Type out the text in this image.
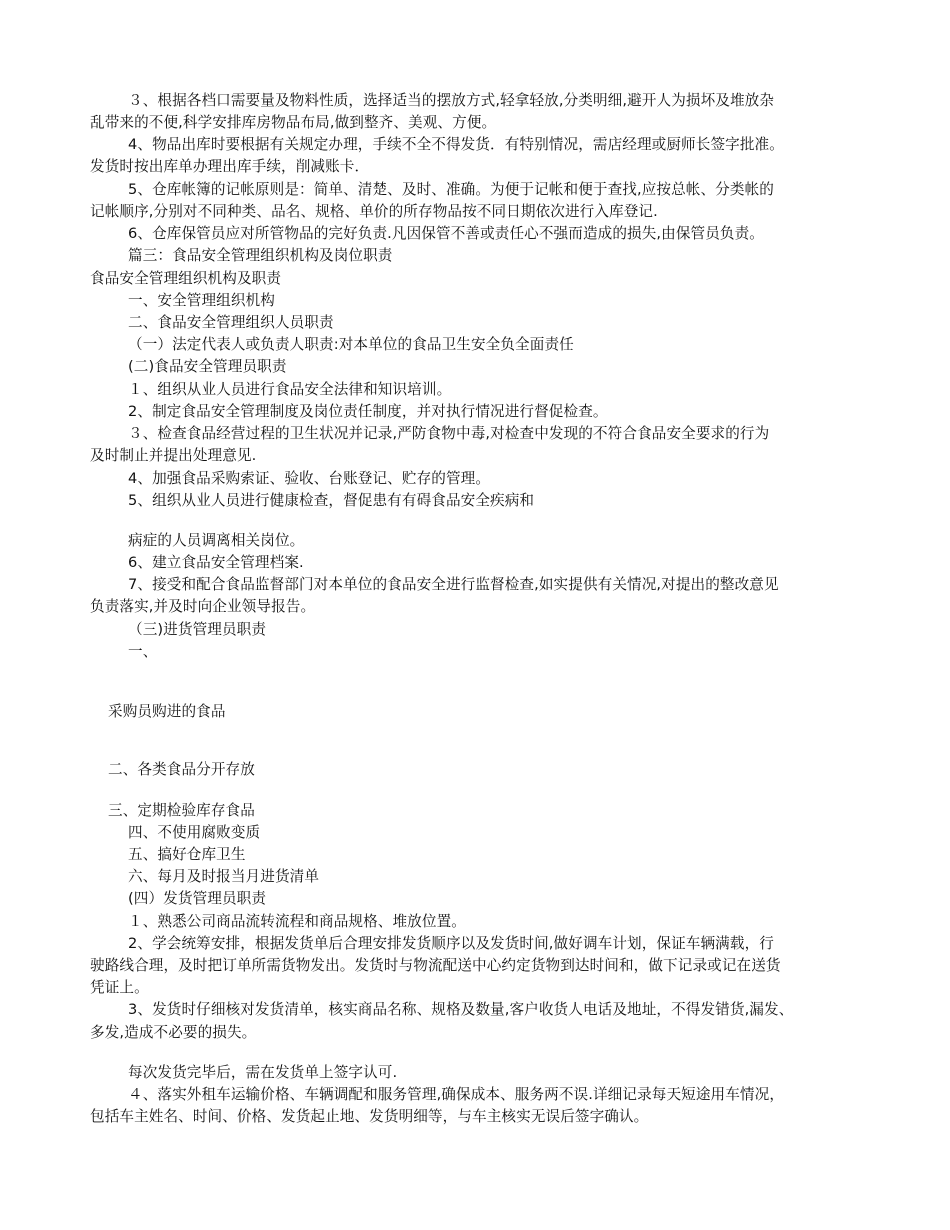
３、根据各档口需要量及物料性质，选择适当的摆放方式,轻拿轻放,分类明细,避开人为损坏及堆放杂
乱带来的不便,科学安排库房物品布局,做到整齐、美观、方便。
4、物品出库时要根据有关规定办理，手续不全不得发货．有特别情况，需店经理或厨师长签字批准。
发货时按出库单办理出库手续，削减账卡．
5、仓库帐簿的记帐原则是：简单、清楚、及时、准确。为便于记帐和便于查找,应按总帐、分类帐的
记帐顺序,分别对不同种类、品名、规格、单价的所存物品按不同日期依次进行入库登记.
6、仓库保管员应对所管物品的完好负责.凡因保管不善或责任心不强而造成的损失,由保管员负责。
篇三：食品安全管理组织机构及岗位职责
食品安全管理组织机构及职责
一、安全管理组织机构
二、食品安全管理组织人员职责
（一）法定代表人或负责人职责:对本单位的食品卫生安全负全面责任
(二)食品安全管理员职责
１、组织从业人员进行食品安全法律和知识培训。
2、制定食品安全管理制度及岗位责任制度，并对执行情况进行督促检查。
３、检查食品经营过程的卫生状况并记录,严防食物中毒,对检查中发现的不符合食品安全要求的行为
及时制止并提出处理意见.
4、加强食品采购索证、验收、台账登记、贮存的管理。
5、组织从业人员进行健康检查，督促患有有碍食品安全疾病和
病症的人员调离相关岗位。
6、建立食品安全管理档案.
7、接受和配合食品监督部门对本单位的食品安全进行监督检查,如实提供有关情况,对提出的整改意见
负责落实,并及时向企业领导报告。
（三)进货管理员职责
一、
采购员购进的食品
二、各类食品分开存放
三、定期检验库存食品
四、不使用腐败变质
五、搞好仓库卫生
六、每月及时报当月进货清单
(四）发货管理员职责
１、熟悉公司商品流转流程和商品规格、堆放位置。
2、学会统筹安排，根据发货单后合理安排发货顺序以及发货时间,做好调车计划，保证车辆满载，行
驶路线合理，及时把订单所需货物发出。发货时与物流配送中心约定货物到达时间和，做下记录或记在送货
凭证上。
3、发货时仔细核对发货清单，核实商品名称、规格及数量,客户收货人电话及地址，不得发错货,漏发、
多发,造成不必要的损失。
每次发货完毕后，需在发货单上签字认可.
４、落实外租车运输价格、车辆调配和服务管理,确保成本、服务两不误.详细记录每天短途用车情况，
包括车主姓名、时间、价格、发货起止地、发货明细等，与车主核实无误后签字确认。
